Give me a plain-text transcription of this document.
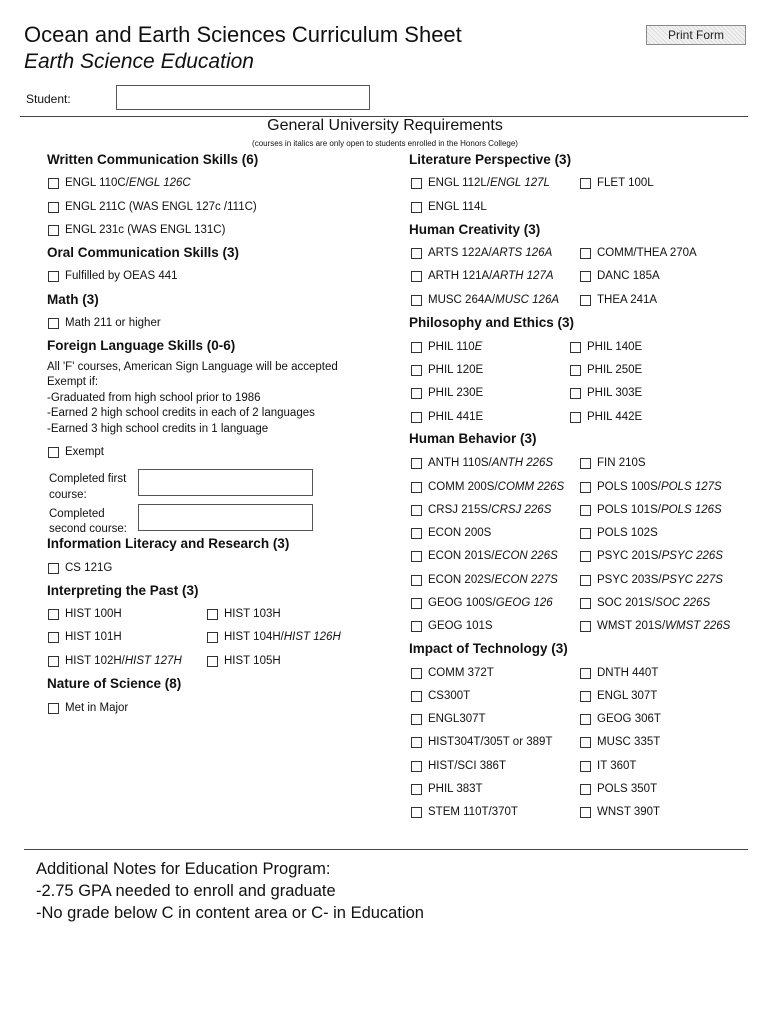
Ocean and Earth Sciences Curriculum Sheet
Earth Science Education
Print Form
Student:
General University Requirements
(courses in italics are only open to students enrolled in the Honors College)
Written Communication Skills (6)
ENGL 110C/ ENGL 126C
ENGL 211C (WAS ENGL 127c /111C)
ENGL 231c (WAS ENGL 131C)
Oral Communication Skills (3)
Fulfilled by OEAS 441
Math (3)
Math 211 or higher
Foreign Language Skills (0-6)
All 'F' courses, American Sign Language will be accepted
Exempt if:
-Graduated from high school prior to 1986
-Earned 2 high school credits in each of 2 languages
-Earned 3 high school credits in 1 language
Exempt
Completed first
course:
Completed
second course:
Information Literacy and Research (3)
CS 121G
Interpreting the Past (3)
HIST 100H
HIST 101H
HIST 102H/ HIST 127H
HIST 103H
HIST 104H/ HIST 126H
HIST 105H
Nature of Science (8)
Met in Major
Literature Perspective (3)
ENGL 112L/ ENGL 127L
ENGL 114L
FLET 100L
Human Creativity (3)
ARTS 122A/ ARTS 126A
ARTH 121A/ ARTH 127A
MUSC 264A/ MUSC 126A
COMM/THEA 270A
DANC 185A
THEA 241A
Philosophy and Ethics (3)
PHIL 110 E
PHIL 120E
PHIL 230E
PHIL 441E
PHIL 140E
PHIL 250E
PHIL 303E
PHIL 442E
Human Behavior (3)
ANTH 110S/ ANTH 226S
COMM 200S/ COMM 226S
CRSJ 215S/ CRSJ 226S
ECON 200S
ECON 201S/ ECON 226S
ECON 202S/ ECON 227S
GEOG 100S/ GEOG 126
GEOG 101S
FIN 210S
POLS 100S/ POLS 127S
POLS 101S/ POLS 126S
POLS 102S
PSYC 201S/ PSYC 226S
PSYC 203S/ PSYC 227S
SOC 201S/ SOC 226S
WMST 201S/ WMST 226S
Impact of Technology (3)
COMM 372T
CS300T
ENGL307T
HIST304T/305T or 389T
HIST/SCI 386T
PHIL 383T
STEM 110T/370T
DNTH 440T
ENGL 307T
GEOG 306T
MUSC 335T
IT 360T
POLS 350T
WNST 390T
Additional Notes for Education Program:
-2.75 GPA needed to enroll and graduate
-No grade below C in content area or C- in Education
